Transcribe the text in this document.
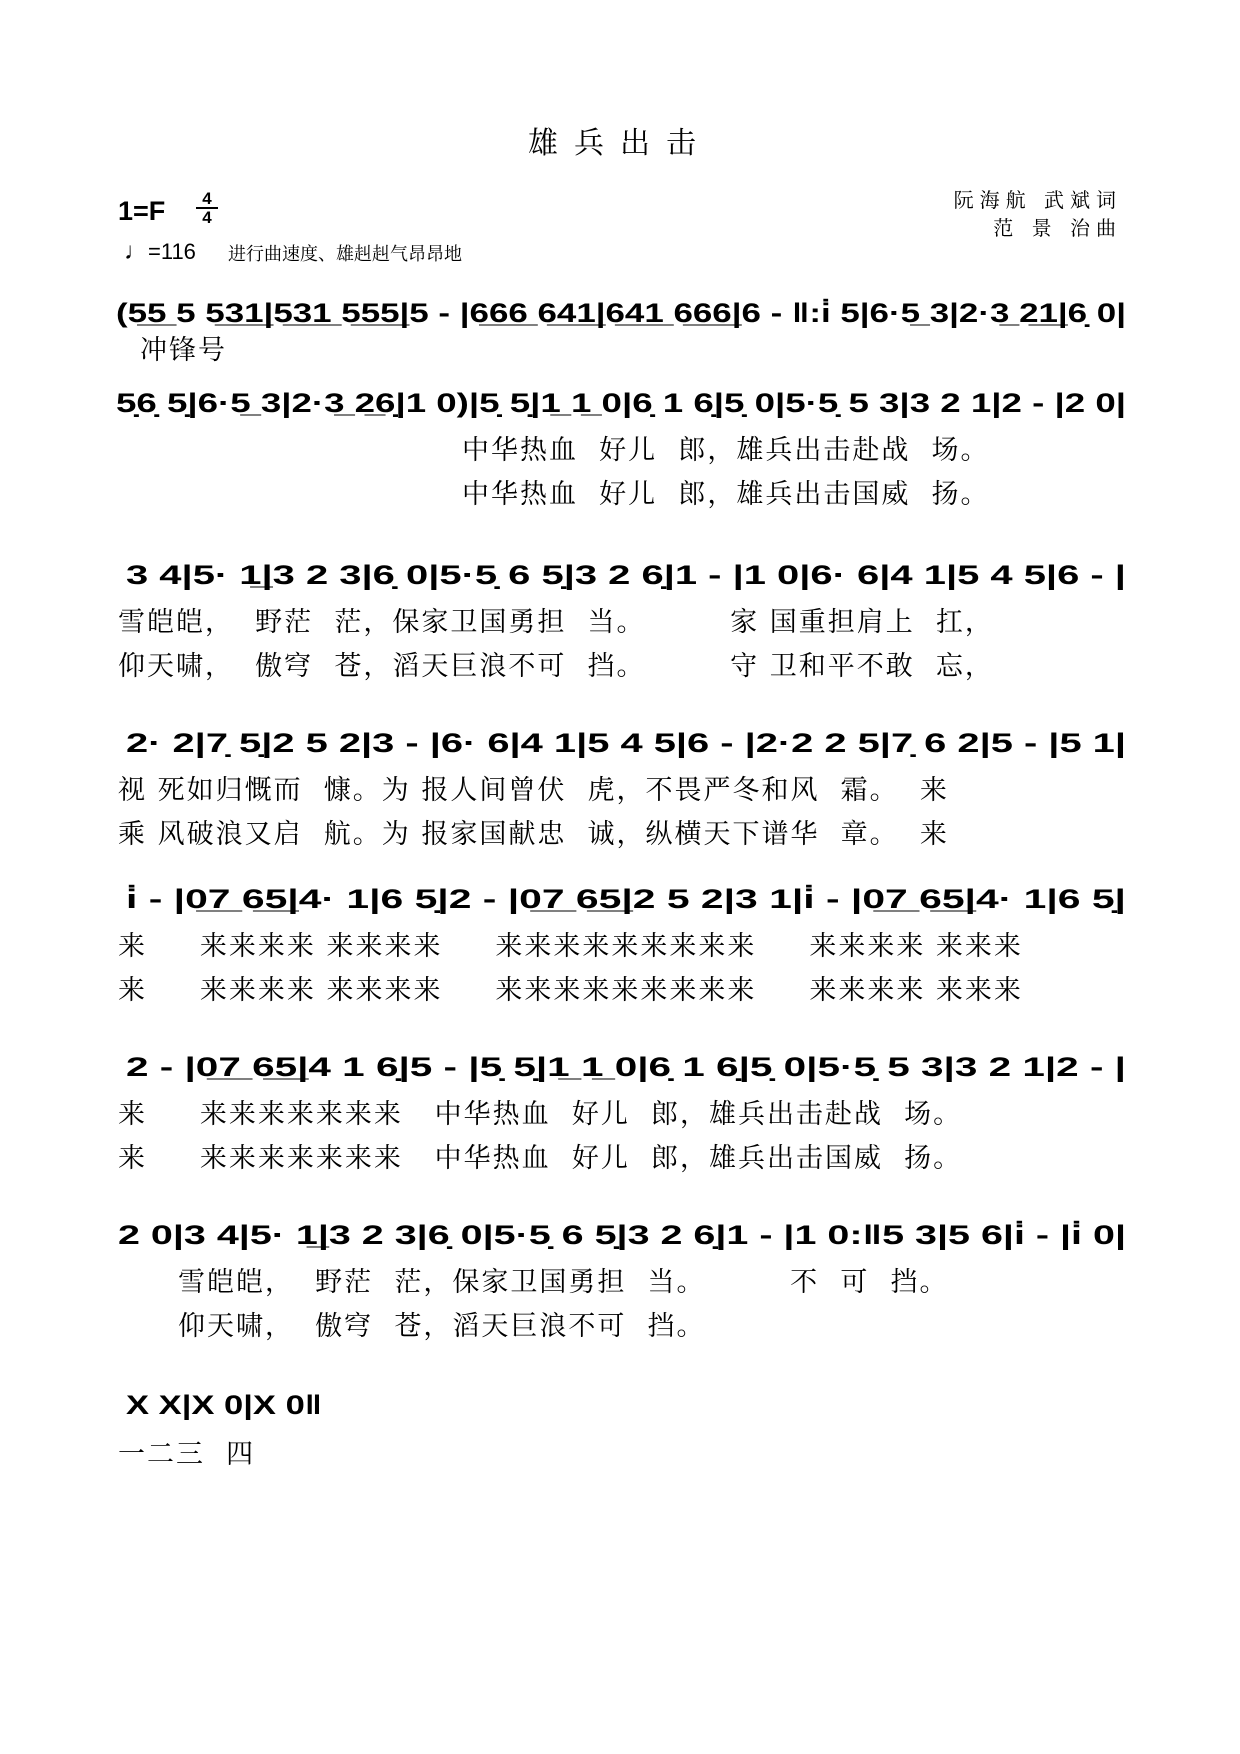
雄兵出击
阮海航 武斌词
范 景 治曲
1=F	4
4
♩=116 进行曲速度、雄赳赳气昂昂地
(5̲5̲ 5 5̲3̲1̲|5̲3̲1̲ 5̲5̲5̲|5 - |6̲6̲6̲ 6̲4̲1̲|6̲4̲1̲ 6̲6̲6̲|6 - ‖:i̇ 5|6·5̲ 3|2·3̲ 2̲1̲|6̣ 0|
冲锋号
5̣6̣ 5̣|6·5̲ 3|2·3̲ 2̲6̣|1 0)|5̣ 5̣|1̲ 1̲ 0|6̣ 1 6̣|5̣ 0|5·5̣ 5 3|3 2 1|2 - |2 0|
中华热血  好儿  郎，雄兵出击赴战  场。
中华热血  好儿  郎，雄兵出击国威  扬。
3 4|5· 1̲|3 2 3|6̣ 0|5·5̣ 6 5̣|3 2 6̣|1 - |1 0|6· 6|4 1|5 4 5|6 - |
雪皑皑，  野茫  茫，保家卫国勇担  当。        家 国重担肩上  扛，
仰天啸，  傲穹  苍，滔天巨浪不可  挡。        守 卫和平不敢  忘，
2· 2|7̣ 5̣|2 5 2|3 - |6· 6|4 1|5 4 5|6 - |2·2 2 5|7̣ 6 2|5 - |5 1|
视 死如归慨而  慷。为 报人间曾伏  虎，不畏严冬和风  霜。  来
乘 风破浪又启  航。为 报家国献忠  诚，纵横天下谱华  章。  来
i̇ - |0̲7̲ 6̲5̲|4· 1|6 5̣|2 - |0̲7̲ 6̲5̲|2 5 2|3 1|i̇ - |0̲7̲ 6̲5̲|4· 1|6 5̣|
来     来来来来 来来来来     来来来来来来来来来     来来来来 来来来
来     来来来来 来来来来     来来来来来来来来来     来来来来 来来来
2 - |0̲7̲ 6̲5̲|4 1 6̣|5 - |5̣ 5̣|1̲ 1̲ 0|6̣ 1 6̣|5̣ 0|5·5̣ 5 3|3 2 1|2 - |
来     来来来来来来来   中华热血  好儿  郎，雄兵出击赴战  场。
来     来来来来来来来   中华热血  好儿  郎，雄兵出击国威  扬。
2 0|3 4|5· 1̲|3 2 3|6̣ 0|5·5̣ 6 5̣|3 2 6̣|1 - |1 0:‖5 3|5 6|i̇ - |i̇ 0|
雪皑皑，  野茫  茫，保家卫国勇担  当。        不  可  挡。
仰天啸，  傲穹  苍，滔天巨浪不可  挡。
X X|X 0|X 0‖
一二三  四
